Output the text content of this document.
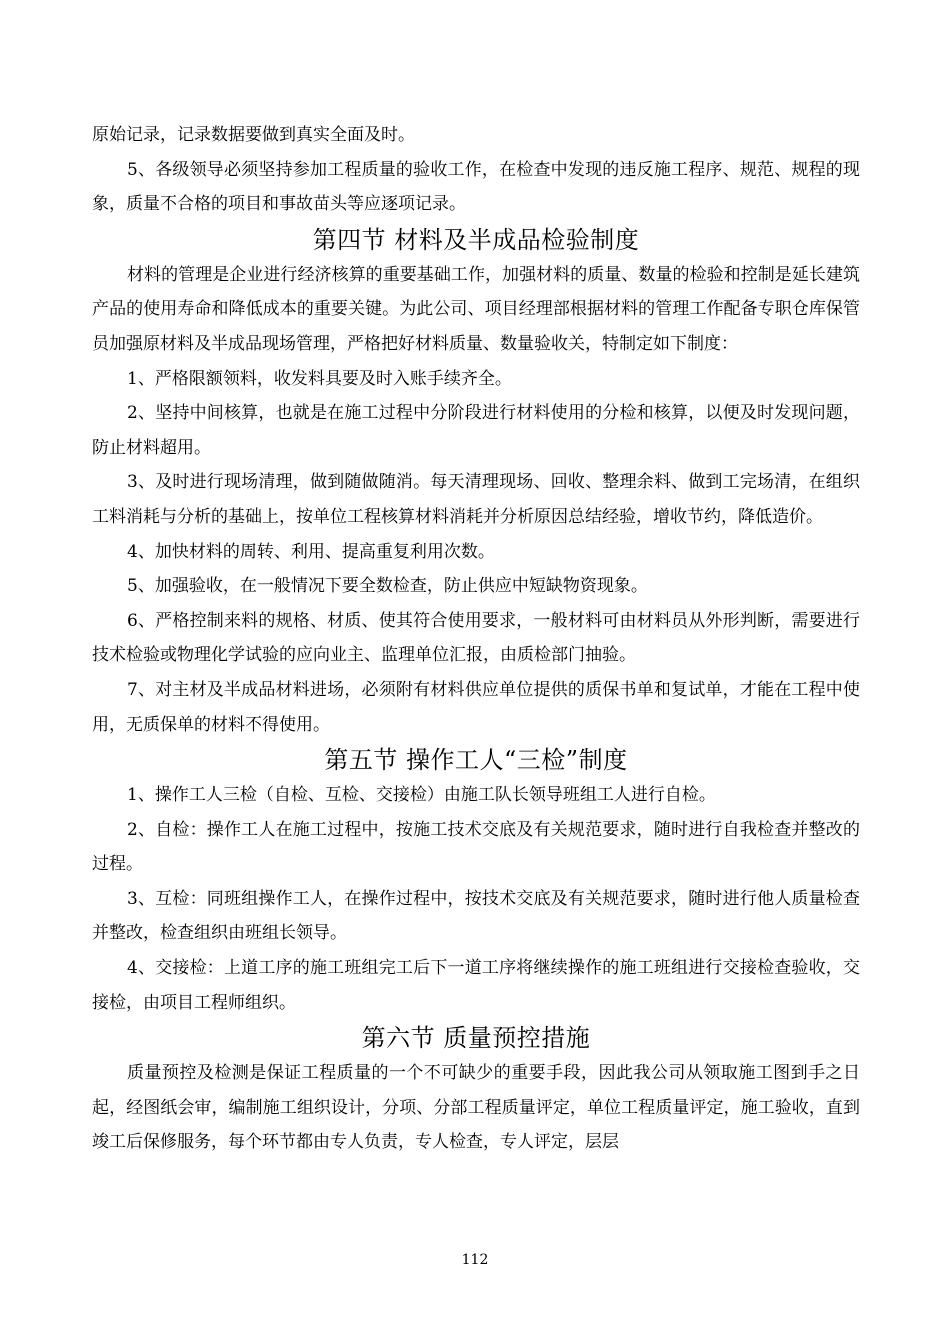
原始记录，记录数据要做到真实全面及时。

5、各级领导必须坚持参加工程质量的验收工作，在检查中发现的违反施工程序、规范、规程的现象，质量不合格的项目和事故苗头等应逐项记录。

第四节 材料及半成品检验制度

材料的管理是企业进行经济核算的重要基础工作，加强材料的质量、数量的检验和控制是延长建筑产品的使用寿命和降低成本的重要关键。为此公司、项目经理部根据材料的管理工作配备专职仓库保管员加强原材料及半成品现场管理，严格把好材料质量、数量验收关，特制定如下制度：

1、严格限额领料，收发料具要及时入账手续齐全。

2、坚持中间核算，也就是在施工过程中分阶段进行材料使用的分检和核算，以便及时发现问题，防止材料超用。

3、及时进行现场清理，做到随做随消。每天清理现场、回收、整理余料、做到工完场清，在组织工料消耗与分析的基础上，按单位工程核算材料消耗并分析原因总结经验，增收节约，降低造价。

4、加快材料的周转、利用、提高重复利用次数。

5、加强验收，在一般情况下要全数检查，防止供应中短缺物资现象。

6、严格控制来料的规格、材质、使其符合使用要求，一般材料可由材料员从外形判断，需要进行技术检验或物理化学试验的应向业主、监理单位汇报，由质检部门抽验。

7、对主材及半成品材料进场，必须附有材料供应单位提供的质保书单和复试单，才能在工程中使用，无质保单的材料不得使用。

第五节 操作工人“三检”制度

1、操作工人三检（自检、互检、交接检）由施工队长领导班组工人进行自检。

2、自检：操作工人在施工过程中，按施工技术交底及有关规范要求，随时进行自我检查并整改的过程。

3、互检：同班组操作工人，在操作过程中，按技术交底及有关规范要求，随时进行他人质量检查并整改，检查组织由班组长领导。

4、交接检：上道工序的施工班组完工后下一道工序将继续操作的施工班组进行交接检查验收，交接检，由项目工程师组织。

第六节 质量预控措施

质量预控及检测是保证工程质量的一个不可缺少的重要手段，因此我公司从领取施工图到手之日起，经图纸会审，编制施工组织设计，分项、分部工程质量评定，单位工程质量评定，施工验收，直到竣工后保修服务，每个环节都由专人负责，专人检查，专人评定，层层

112
